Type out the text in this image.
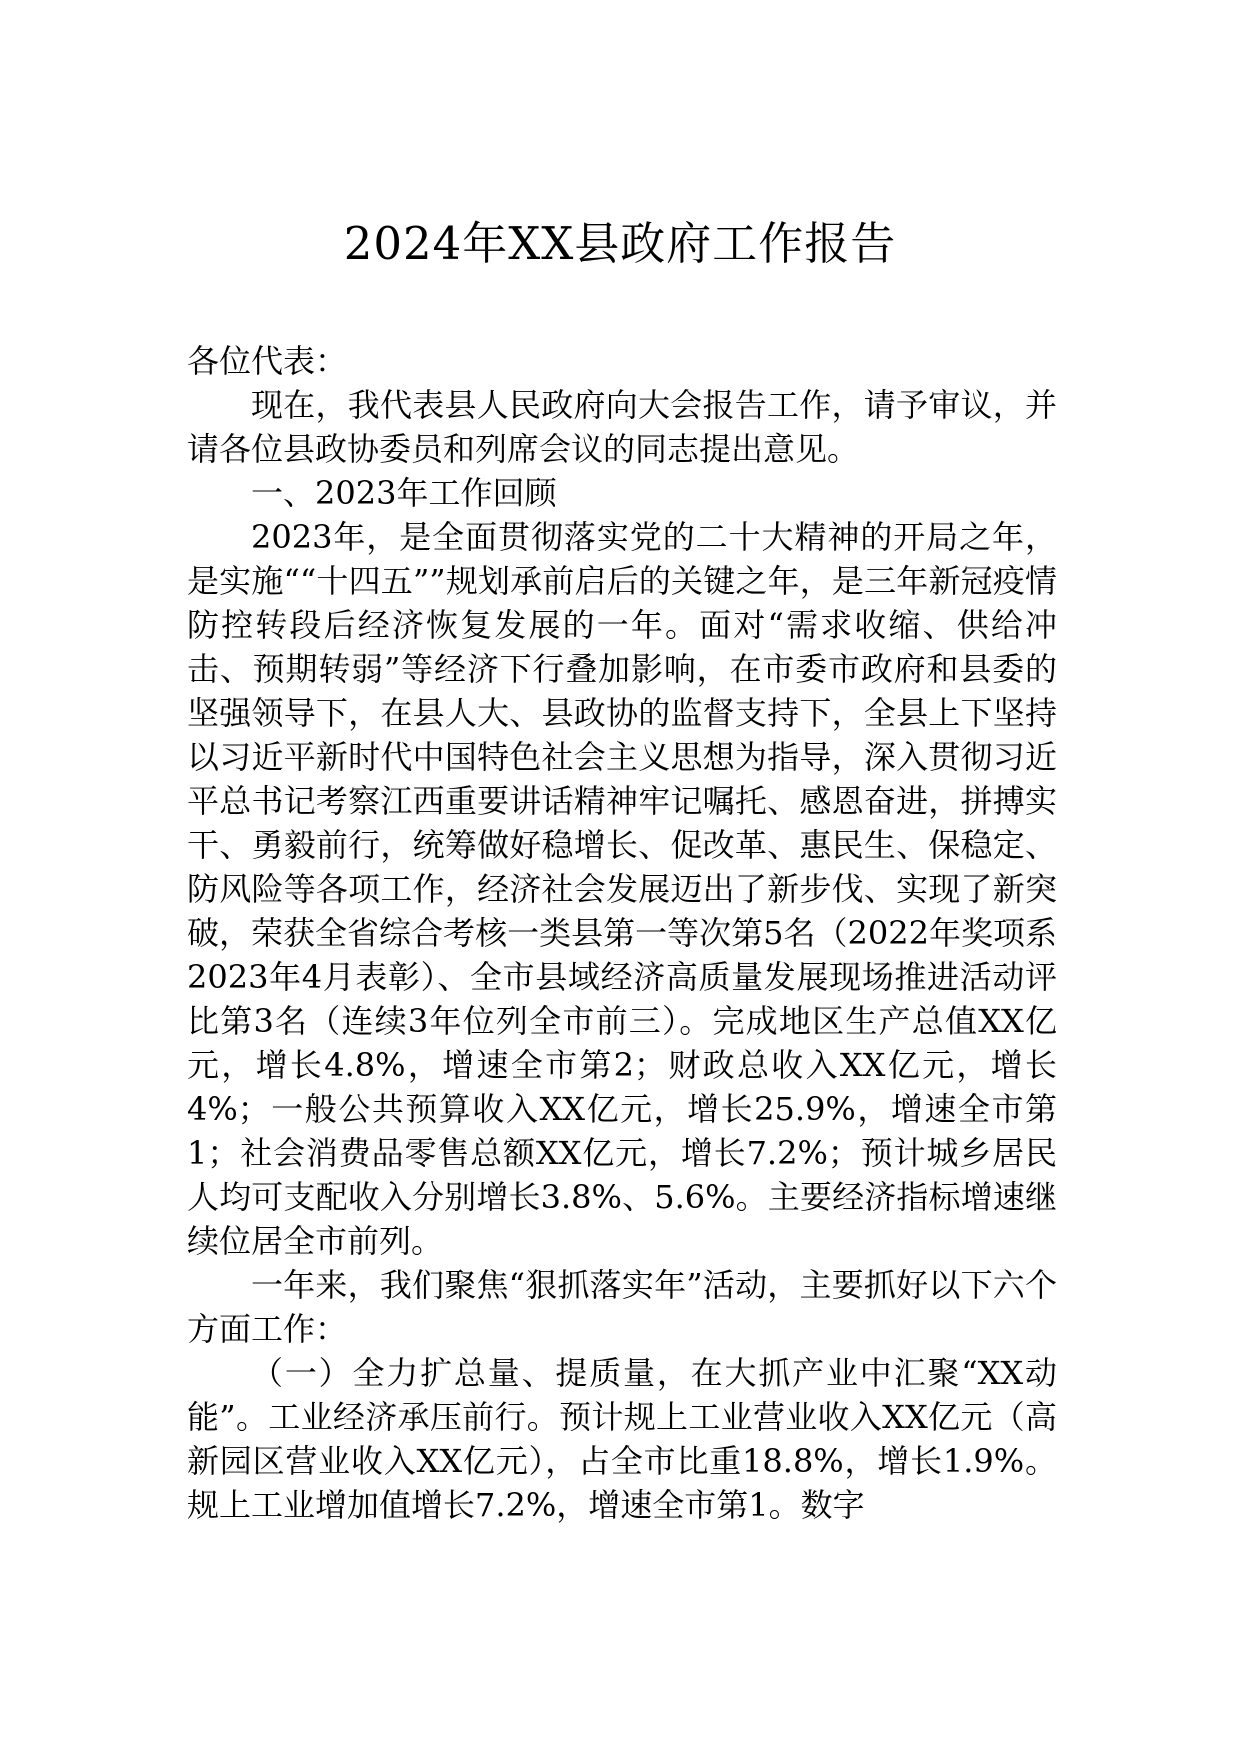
2024年XX县政府工作报告

各位代表：

现在，我代表县人民政府向大会报告工作，请予审议，并请各位县政协委员和列席会议的同志提出意见。

一、2023年工作回顾

2023年，是全面贯彻落实党的二十大精神的开局之年，是实施““十四五””规划承前启后的关键之年，是三年新冠疫情防控转段后经济恢复发展的一年。面对“需求收缩、供给冲击、预期转弱”等经济下行叠加影响，在市委市政府和县委的坚强领导下，在县人大、县政协的监督支持下，全县上下坚持以习近平新时代中国特色社会主义思想为指导，深入贯彻习近平总书记考察江西重要讲话精神牢记嘱托、感恩奋进，拼搏实干、勇毅前行，统筹做好稳增长、促改革、惠民生、保稳定、防风险等各项工作，经济社会发展迈出了新步伐、实现了新突破，荣获全省综合考核一类县第一等次第5名（2022年奖项系2023年4月表彰）、全市县域经济高质量发展现场推进活动评比第3名（连续3年位列全市前三）。完成地区生产总值XX亿元，增长4.8%，增速全市第2；财政总收入XX亿元，增长4%；一般公共预算收入XX亿元，增长25.9%，增速全市第1；社会消费品零售总额XX亿元，增长7.2%；预计城乡居民人均可支配收入分别增长3.8%、5.6%。主要经济指标增速继续位居全市前列。

一年来，我们聚焦“狠抓落实年”活动，主要抓好以下六个方面工作：

（一）全力扩总量、提质量，在大抓产业中汇聚“XX动能”。工业经济承压前行。预计规上工业营业收入XX亿元（高新园区营业收入XX亿元），占全市比重18.8%，增长1.9%。规上工业增加值增长7.2%，增速全市第1。数字
